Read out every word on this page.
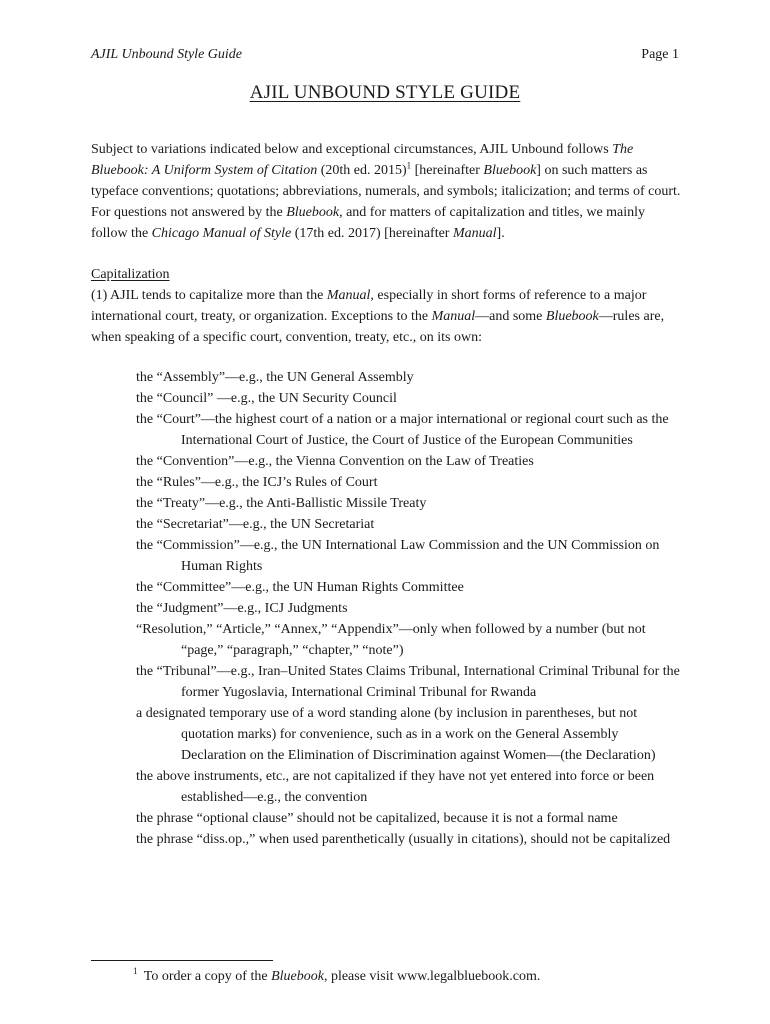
AJIL Unbound Style Guide	Page 1
AJIL UNBOUND STYLE GUIDE
Subject to variations indicated below and exceptional circumstances, AJIL Unbound follows The Bluebook: A Uniform System of Citation (20th ed. 2015)$^1$ [hereinafter Bluebook] on such matters as typeface conventions; quotations; abbreviations, numerals, and symbols; italicization; and terms of court. For questions not answered by the Bluebook, and for matters of capitalization and titles, we mainly follow the Chicago Manual of Style (17th ed. 2017) [hereinafter Manual].
Capitalization
(1) AJIL tends to capitalize more than the Manual, especially in short forms of reference to a major international court, treaty, or organization. Exceptions to the Manual—and some Bluebook—rules are, when speaking of a specific court, convention, treaty, etc., on its own:

the “Assembly”—e.g., the UN General Assembly

the “Council” —e.g., the UN Security Council

the “Court”—the highest court of a nation or a major international or regional court such as the International Court of Justice, the Court of Justice of the European Communities

the “Convention”—e.g., the Vienna Convention on the Law of Treaties

the “Rules”—e.g., the ICJ’s Rules of Court

the “Treaty”—e.g., the Anti-Ballistic Missile Treaty

the “Secretariat”—e.g., the UN Secretariat

the “Commission”—e.g., the UN International Law Commission and the UN Commission on Human Rights

the “Committee”—e.g., the UN Human Rights Committee

the “Judgment”—e.g., ICJ Judgments

“Resolution,” “Article,” “Annex,” “Appendix”—only when followed by a number (but not “page,” “paragraph,” “chapter,” “note”)

the “Tribunal”—e.g., Iran–United States Claims Tribunal, International Criminal Tribunal for the former Yugoslavia, International Criminal Tribunal for Rwanda

a designated temporary use of a word standing alone (by inclusion in parentheses, but not quotation marks) for convenience, such as in a work on the General Assembly Declaration on the Elimination of Discrimination against Women—(the Declaration)

the above instruments, etc., are not capitalized if they have not yet entered into force or been established—e.g., the convention

the phrase “optional clause” should not be capitalized, because it is not a formal name

the phrase “diss.op.,” when used parenthetically (usually in citations), should not be capitalized

$^1$ To order a copy of the Bluebook, please visit www.legalbluebook.com.
